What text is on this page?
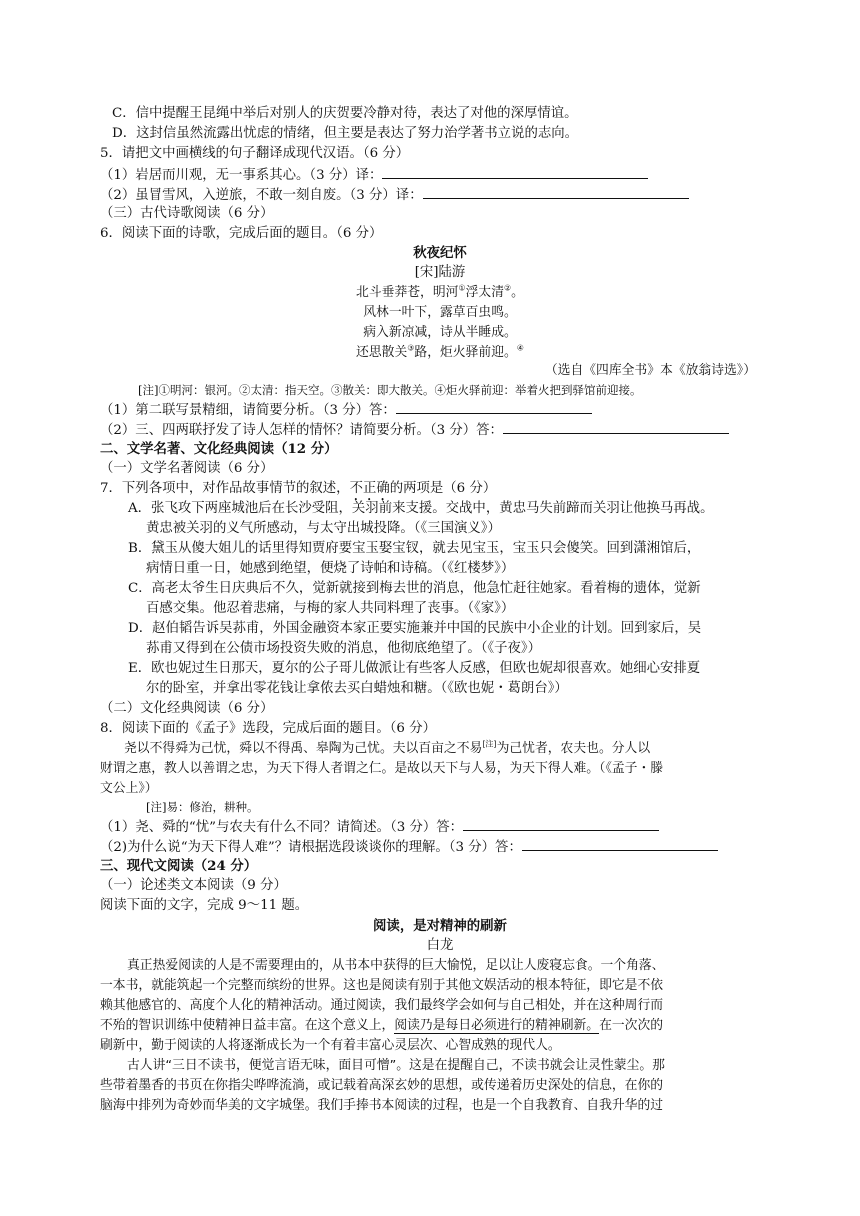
C．信中提醒王昆绳中举后对别人的庆贺要冷静对待，表达了对他的深厚情谊。
D．这封信虽然流露出忧虑的情绪，但主要是表达了努力治学著书立说的志向。
5．请把文中画横线的句子翻译成现代汉语。（6 分）
（1）岩居而川观，无一事系其心。（3 分）译：
（2）虽冒雪风，入逆旅，不敢一刻自废。（3 分）译：
（三）古代诗歌阅读（6 分）
6．阅读下面的诗歌，完成后面的题目。（6 分）
秋夜纪怀
[宋]陆游
北斗垂莽苍，明河①浮太清②。
风林一叶下，露草百虫鸣。
病入新凉减，诗从半睡成。
还思散关③路，炬火驿前迎。④
（选自《四库全书》本《放翁诗选》）
[注]①明河：银河。②太清：指天空。③散关：即大散关。④炬火驿前迎：举着火把到驿馆前迎接。
（1）第二联写景精细，请简要分析。（3 分）答：
（2）三、四两联抒发了诗人怎样的情怀？请简要分析。（3 分）答：
二、文学名著、文化经典阅读（12 分）
（一）文学名著阅读（6 分）
7．下列各项中，对作品故事情节的叙述，不正确的两项是（6 分）
A．张飞攻下两座城池后在长沙受阻，关羽前来支援。交战中，黄忠马失前蹄而关羽让他换马再战。
黄忠被关羽的义气所感动，与太守出城投降。（《三国演义》）
B．黛玉从傻大姐儿的话里得知贾府要宝玉娶宝钗，就去见宝玉，宝玉只会傻笑。回到潇湘馆后，
病情日重一日，她感到绝望，便烧了诗帕和诗稿。（《红楼梦》）
C．高老太爷生日庆典后不久，觉新就接到梅去世的消息，他急忙赶往她家。看着梅的遗体，觉新
百感交集。他忍着悲痛，与梅的家人共同料理了丧事。（《家》）
D．赵伯韬告诉吴荪甫，外国金融资本家正要实施兼并中国的民族中小企业的计划。回到家后，吴
荪甫又得到在公债市场投资失败的消息，他彻底绝望了。（《子夜》）
E．欧也妮过生日那天，夏尔的公子哥儿做派让有些客人反感，但欧也妮却很喜欢。她细心安排夏
尔的卧室，并拿出零花钱让拿侬去买白蜡烛和糖。（《欧也妮・葛朗台》）
（二）文化经典阅读（6 分）
8．阅读下面的《孟子》选段，完成后面的题目。（6 分）
尧以不得舜为己忧，舜以不得禹、皋陶为己忧。夫以百亩之不易[注]为己忧者，农夫也。分人以
财谓之惠，教人以善谓之忠，为天下得人者谓之仁。是故以天下与人易，为天下得人难。（《孟子・滕
文公上》）
[注]易：修治，耕种。
（1）尧、舜的“忧”与农夫有什么不同？请简述。（3 分）答：
（2)为什么说“为天下得人难”？请根据选段谈谈你的理解。（3 分）答：
三、现代文阅读（24 分）
（一）论述类文本阅读（9 分）
阅读下面的文字，完成 9～11 题。
阅读，是对精神的刷新
白龙
真正热爱阅读的人是不需要理由的，从书本中获得的巨大愉悦，足以让人废寝忘食。一个角落、
一本书，就能筑起一个完整而缤纷的世界。这也是阅读有别于其他文娱活动的根本特征，即它是不依
赖其他感官的、高度个人化的精神活动。通过阅读，我们最终学会如何与自己相处，并在这种周行而
不殆的智识训练中使精神日益丰富。在这个意义上，阅读乃是每日必须进行的精神刷新。在一次次的
刷新中，勤于阅读的人将逐渐成长为一个有着丰富心灵层次、心智成熟的现代人。
古人讲“三日不读书，便觉言语无味，面目可憎”。这是在提醒自己，不读书就会让灵性蒙尘。那
些带着墨香的书页在你指尖哗哗流淌，或记载着高深玄妙的思想，或传递着历史深处的信息，在你的
脑海中排列为奇妙而华美的文字城堡。我们手捧书本阅读的过程，也是一个自我教育、自我升华的过
